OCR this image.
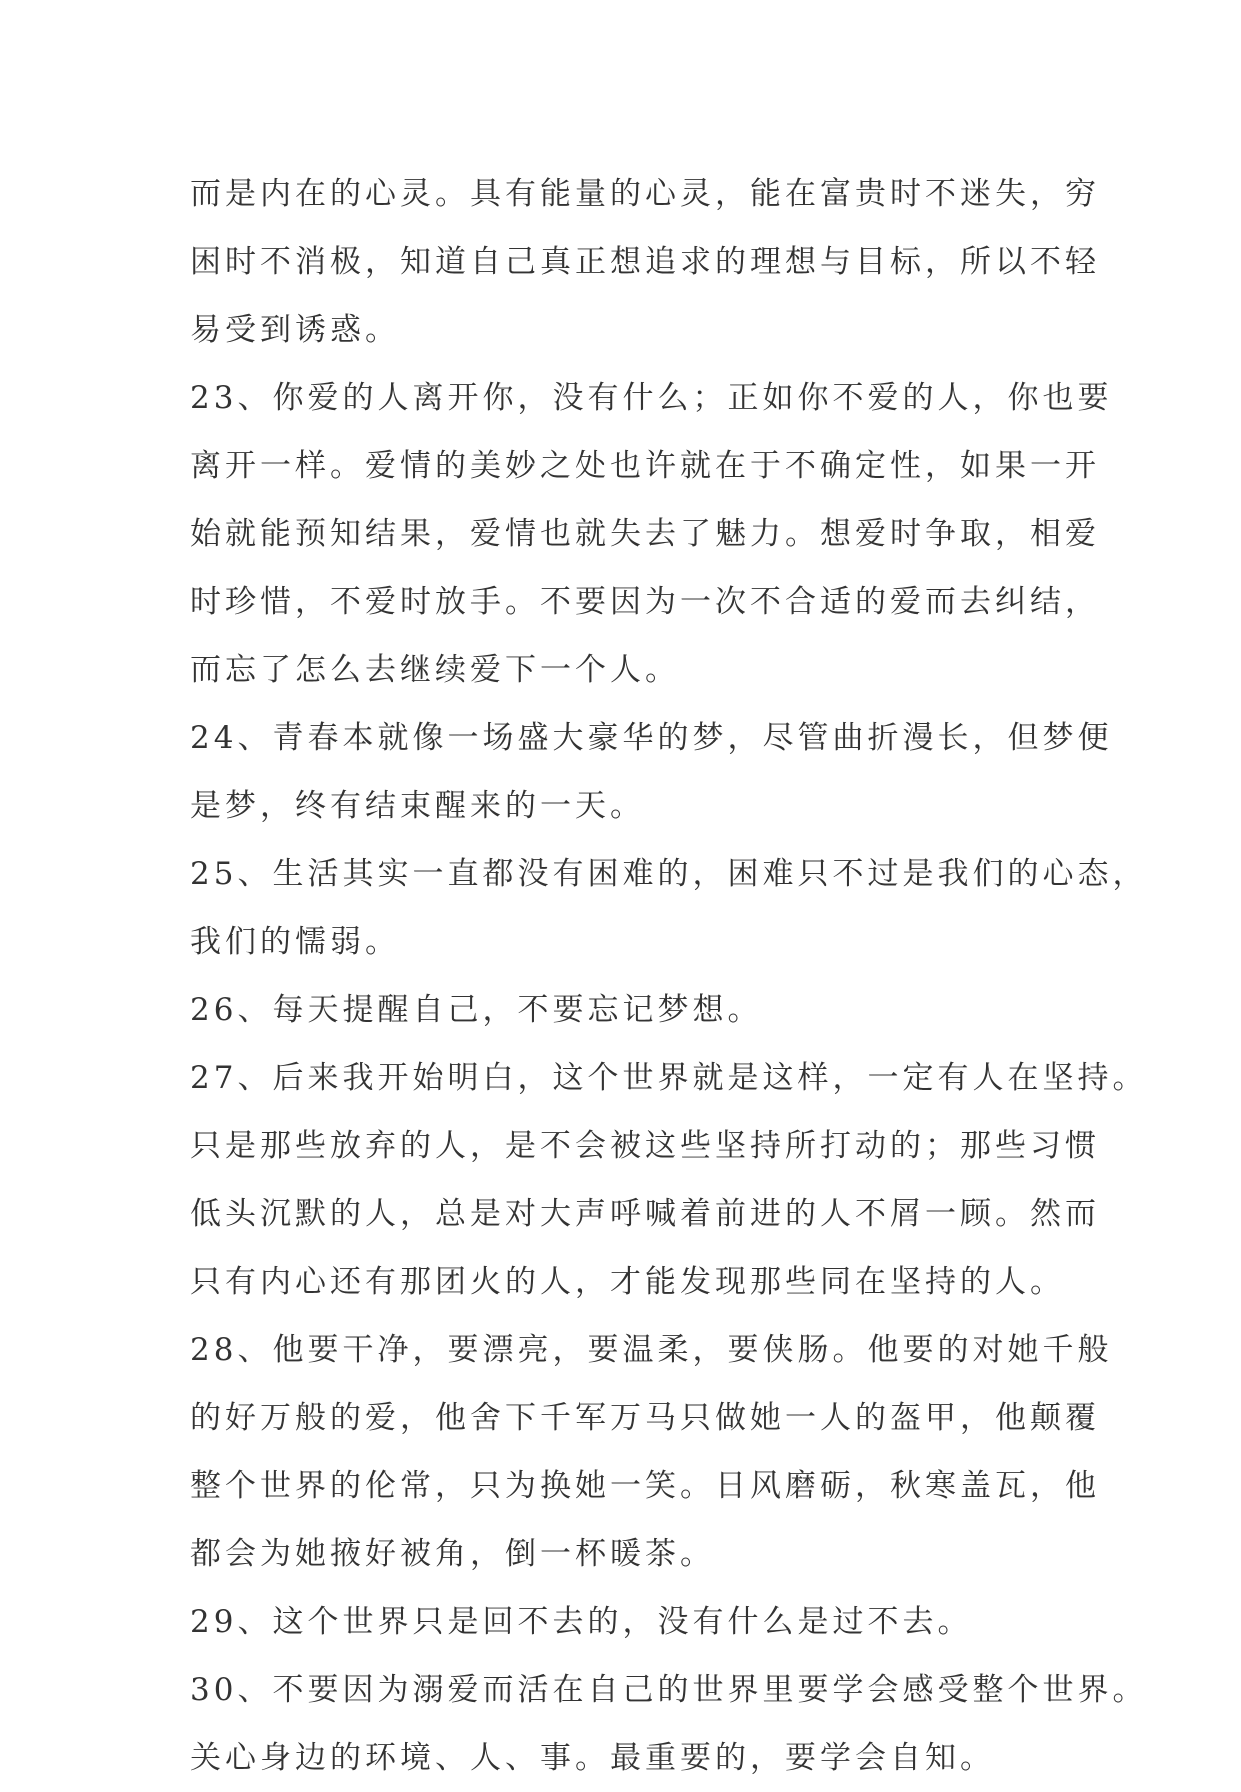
而是内在的心灵。具有能量的心灵，能在富贵时不迷失，穷
困时不消极，知道自己真正想追求的理想与目标，所以不轻
易受到诱惑。
23、你爱的人离开你，没有什么；正如你不爱的人，你也要
离开一样。爱情的美妙之处也许就在于不确定性，如果一开
始就能预知结果，爱情也就失去了魅力。想爱时争取，相爱
时珍惜，不爱时放手。不要因为一次不合适的爱而去纠结，
而忘了怎么去继续爱下一个人。
24、青春本就像一场盛大豪华的梦，尽管曲折漫长，但梦便
是梦，终有结束醒来的一天。
25、生活其实一直都没有困难的，困难只不过是我们的心态，
我们的懦弱。
26、每天提醒自己，不要忘记梦想。
27、后来我开始明白，这个世界就是这样，一定有人在坚持。
只是那些放弃的人，是不会被这些坚持所打动的；那些习惯
低头沉默的人，总是对大声呼喊着前进的人不屑一顾。然而
只有内心还有那团火的人，才能发现那些同在坚持的人。
28、他要干净，要漂亮，要温柔，要侠肠。他要的对她千般
的好万般的爱，他舍下千军万马只做她一人的盔甲，他颠覆
整个世界的伦常，只为换她一笑。日风磨砺，秋寒盖瓦，他
都会为她掖好被角，倒一杯暖茶。
29、这个世界只是回不去的，没有什么是过不去。
30、不要因为溺爱而活在自己的世界里要学会感受整个世界。
关心身边的环境、人、事。最重要的，要学会自知。
